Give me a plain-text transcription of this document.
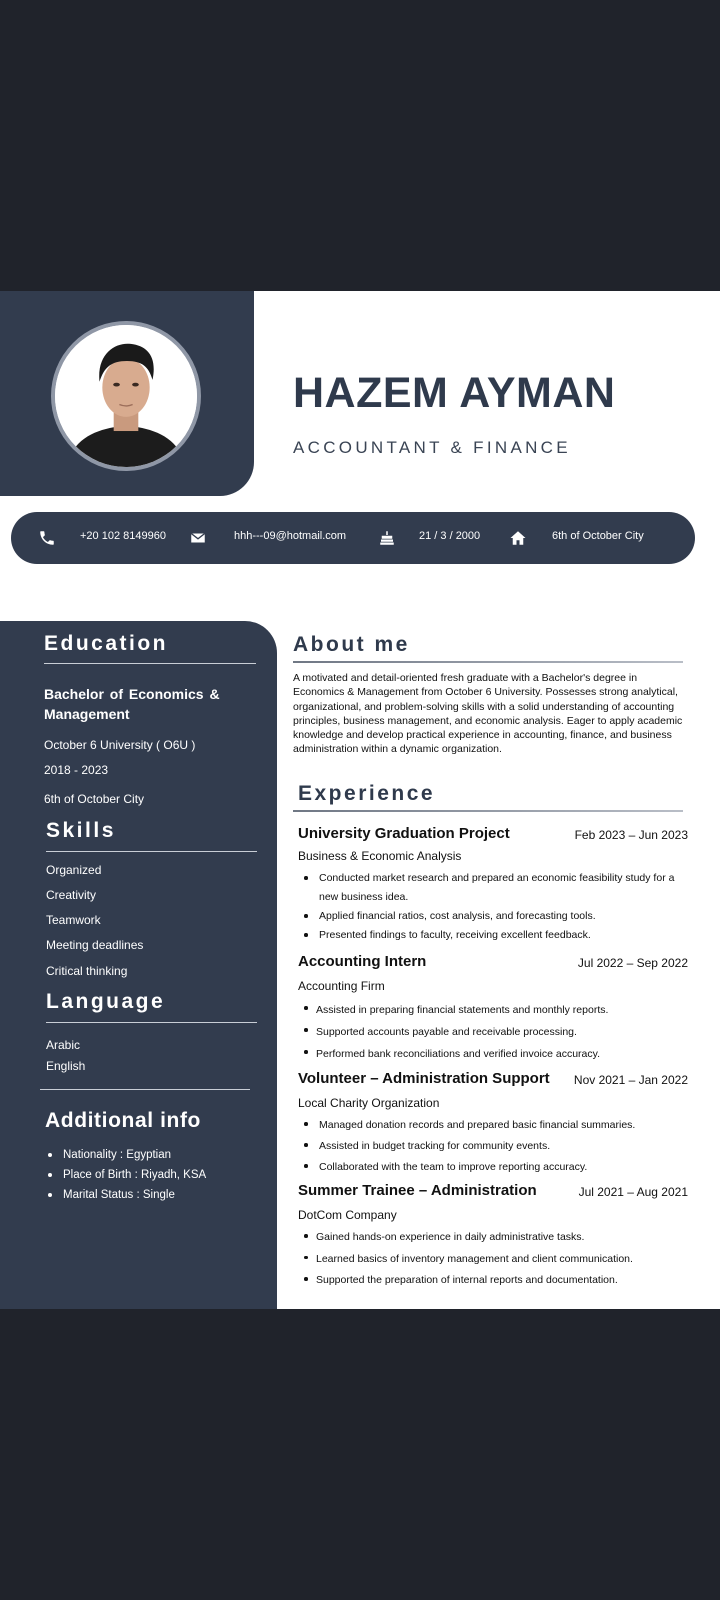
HAZEM AYMAN
ACCOUNTANT & FINANCE
+20 102 8149960	hhh---09@hotmail.com	21 / 3 / 2000	6th of October City
Education
Bachelor of Economics & Management
October 6 University ( O6U )
2018 - 2023
6th of October City
Skills
Organized
Creativity
Teamwork
Meeting deadlines
Critical thinking
Language
Arabic
English
Additional info
Nationality : Egyptian
Place of Birth : Riyadh, KSA
Marital Status : Single
About me
A motivated and detail-oriented fresh graduate with a Bachelor's degree in Economics & Management from October 6 University. Possesses strong analytical, organizational, and problem-solving skills with a solid understanding of accounting principles, business management, and economic analysis. Eager to apply academic knowledge and develop practical experience in accounting, finance, and business administration within a dynamic organization.
Experience
University Graduation Project	Feb 2023 – Jun 2023
Business & Economic Analysis
Conducted market research and prepared an economic feasibility study for a new business idea.
Applied financial ratios, cost analysis, and forecasting tools.
Presented findings to faculty, receiving excellent feedback.
Accounting Intern	Jul 2022 – Sep 2022
Accounting Firm
Assisted in preparing financial statements and monthly reports.
Supported accounts payable and receivable processing.
Performed bank reconciliations and verified invoice accuracy.
Volunteer – Administration Support Nov 2021 – Jan 2022
Local Charity Organization
Managed donation records and prepared basic financial summaries.
Assisted in budget tracking for community events.
Collaborated with the team to improve reporting accuracy.
Summer Trainee – Administration	Jul 2021 – Aug 2021
DotCom Company
Gained hands-on experience in daily administrative tasks.
Learned basics of inventory management and client communication.
Supported the preparation of internal reports and documentation.
